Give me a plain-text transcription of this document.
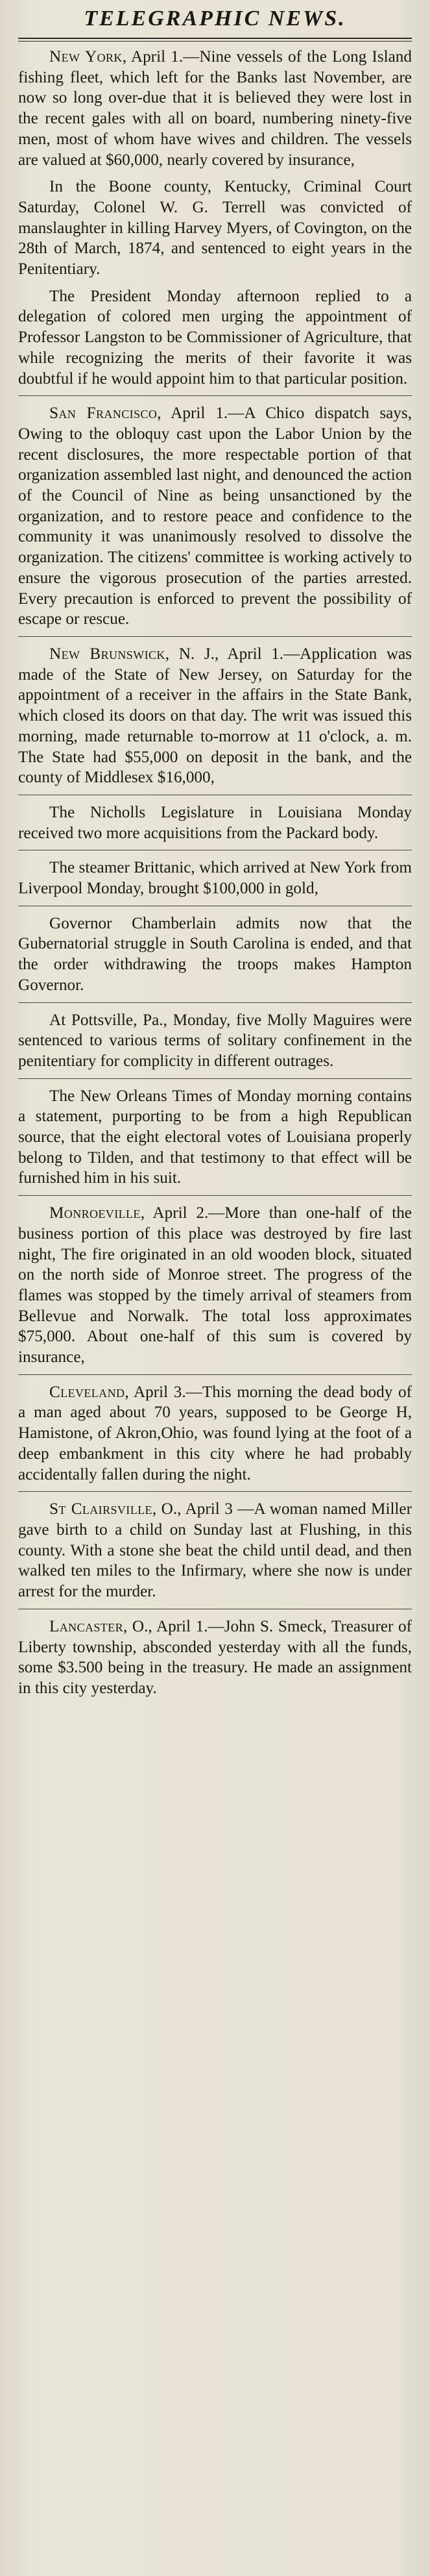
TELEGRAPHIC NEWS.

New York, April 1.—Nine vessels of the Long Island fishing fleet, which left for the Banks last November, are now so long over-due that it is believed they were lost in the recent gales with all on board, numbering ninety-five men, most of whom have wives and children. The vessels are valued at $60,000, nearly covered by insurance,

In the Boone county, Kentucky, Criminal Court Saturday, Colonel W. G. Terrell was convicted of manslaughter in killing Harvey Myers, of Covington, on the 28th of March, 1874, and sentenced to eight years in the Penitentiary.

The President Monday afternoon replied to a delegation of colored men urging the appointment of Professor Langston to be Commissioner of Agriculture, that while recognizing the merits of their favorite it was doubtful if he would appoint him to that particular position.

San Francisco, April 1.—A Chico dispatch says, Owing to the obloquy cast upon the Labor Union by the recent disclosures, the more respectable portion of that organization assembled last night, and denounced the action of the Council of Nine as being unsanctioned by the organization, and to restore peace and confidence to the community it was unanimously resolved to dissolve the organization. The citizens' committee is working actively to ensure the vigorous prosecution of the parties arrested. Every precaution is enforced to prevent the possibility of escape or rescue.

New Brunswick, N. J., April 1.—Application was made of the State of New Jersey, on Saturday for the appointment of a receiver in the affairs in the State Bank, which closed its doors on that day. The writ was issued this morning, made returnable to-morrow at 11 o'clock, a. m. The State had $55,000 on deposit in the bank, and the county of Middlesex $16,000,

The Nicholls Legislature in Louisiana Monday received two more acquisitions from the Packard body.

The steamer Brittanic, which arrived at New York from Liverpool Monday, brought $100,000 in gold,

Governor Chamberlain admits now that the Gubernatorial struggle in South Carolina is ended, and that the order withdrawing the troops makes Hampton Governor.

At Pottsville, Pa., Monday, five Molly Maguires were sentenced to various terms of solitary confinement in the penitentiary for complicity in different outrages.

The New Orleans Times of Monday morning contains a statement, purporting to be from a high Republican source, that the eight electoral votes of Louisiana properly belong to Tilden, and that testimony to that effect will be furnished him in his suit.

Monroeville, April 2.—More than one-half of the business portion of this place was destroyed by fire last night, The fire originated in an old wooden block, situated on the north side of Monroe street. The progress of the flames was stopped by the timely arrival of steamers from Bellevue and Norwalk. The total loss approximates $75,000. About one-half of this sum is covered by insurance,

Cleveland, April 3.—This morning the dead body of a man aged about 70 years, supposed to be George H, Hamistone, of Akron,Ohio, was found lying at the foot of a deep embankment in this city where he had probably accidentally fallen during the night.

St Clairsville, O., April 3 —A woman named Miller gave birth to a child on Sunday last at Flushing, in this county. With a stone she beat the child until dead, and then walked ten miles to the Infirmary, where she now is under arrest for the murder.

Lancaster, O., April 1.—John S. Smeck, Treasurer of Liberty township, absconded yesterday with all the funds, some $3.500 being in the treasury. He made an assignment in this city yesterday.
